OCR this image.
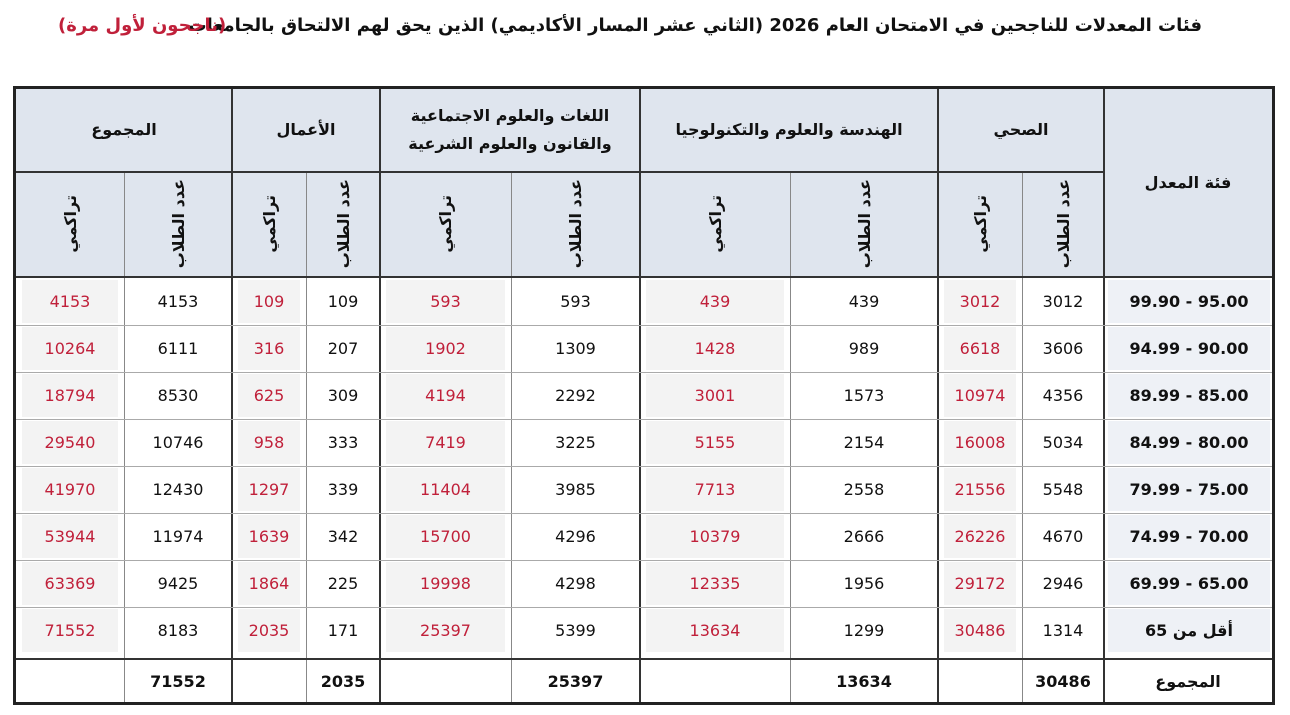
فئات المعدلات للناجحين في الامتحان العام 2026 (الثاني عشر المسار الأكاديمي) الذين يحق لهم الالتحاق بالجامعات
(ناجحون لأول مرة)
فئة المعدل
الصحي
عدد الطلاب
تراكمي
الهندسة والعلوم والتكنولوجيا
عدد الطلاب
تراكمي
اللغات والعلوم الاجتماعية والقانون والعلوم الشرعية
عدد الطلاب
تراكمي
الأعمال
عدد الطلاب
تراكمي
المجموع
عدد الطلاب
تراكمي
99.90 - 95.00
3012
3012
439
439
593
593
109
109
4153
4153
94.99 - 90.00
3606
6618
989
1428
1309
1902
207
316
6111
10264
89.99 - 85.00
4356
10974
1573
3001
2292
4194
309
625
8530
18794
84.99 - 80.00
5034
16008
2154
5155
3225
7419
333
958
10746
29540
79.99 - 75.00
5548
21556
2558
7713
3985
11404
339
1297
12430
41970
74.99 - 70.00
4670
26226
2666
10379
4296
15700
342
1639
11974
53944
69.99 - 65.00
2946
29172
1956
12335
4298
19998
225
1864
9425
63369
أقل من 65
1314
30486
1299
13634
5399
25397
171
2035
8183
71552
المجموع
30486
13634
25397
2035
71552
